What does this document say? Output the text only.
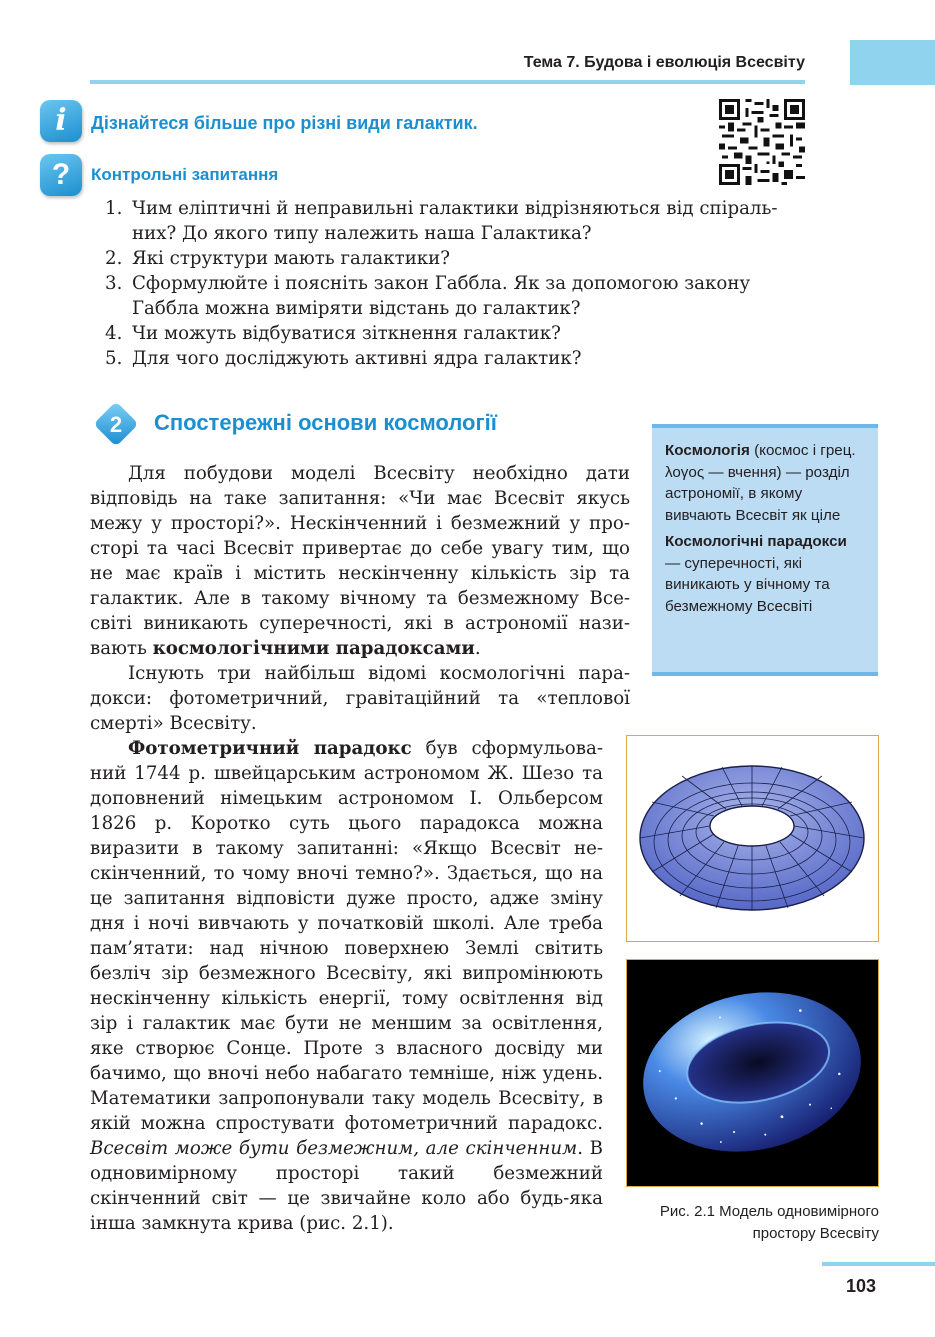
Тема 7. Будова і еволюція Всесвіту
i	Дізнайтеся більше про різні види галактик.
?	Контрольні запитання
1. Чим еліптичні й неправильні галактики відрізняються від спіральних? До якого типу належить наша Галактика?
2. Які структури мають галактики?
3. Сформулюйте і поясніть закон Габбла. Як за допомогою закону Габбла можна виміряти відстань до галактик?
4. Чи можуть відбуватися зіткнення галактик?
5. Для чого досліджують активні ядра галактик?
2 Спостережні основи космології

Космологія (космос і грец. λογος — вчення) — розділ астрономії, в якому вивчають Всесвіт як ціле

Космологічні парадокси — суперечності, які виникають у вічному та безмежному Всесвіті

Для побудови моделі Всесвіту необхідно дати відповідь на таке запитання: «Чи має Всесвіт якусь межу у просторі?». Нескінченний і безмежний у просторі та часі Всесвіт привертає до себе увагу тим, що не має країв і містить нескінченну кількість зір та галактик. Але в такому вічному та безмежному Всесвіті виникають суперечності, які в астрономії називають космологічними парадоксами.

Існують три найбільш відомі космологічні парадокси: фотометричний, гравітаційний та «теплової смерті» Всесвіту.

Фотометричний парадокс був сформульований 1744 р. швейцарським астрономом Ж. Шезо та доповнений німецьким астрономом І. Ольберсом 1826 р. Коротко суть цього парадокса можна виразити в такому запитанні: «Якщо Всесвіт нескінченний, то чому вночі темно?». Здається, що на це запитання відповісти дуже просто, адже зміну дня і ночі вивчають у початковій школі. Але треба пам’ятати: над нічною поверхнею Землі світить безліч зір безмежного Всесвіту, які випромінюють нескінченну кількість енергії, тому освітлення від зір і галактик має бути не меншим за освітлення, яке створює Сонце. Проте з власного досвіду ми бачимо, що вночі небо набагато темніше, ніж удень. Математики запропонували таку модель Всесвіту, в якій можна спростувати фотометричний парадокс. Всесвіт може бути безмежним, але скінченним. В одновимірному просторі такий безмежний скінченний світ — це звичайне коло або будь-яка інша замкнута крива (рис. 2.1).

Рис. 2.1 Модель одновимірного простору Всесвіту
103
